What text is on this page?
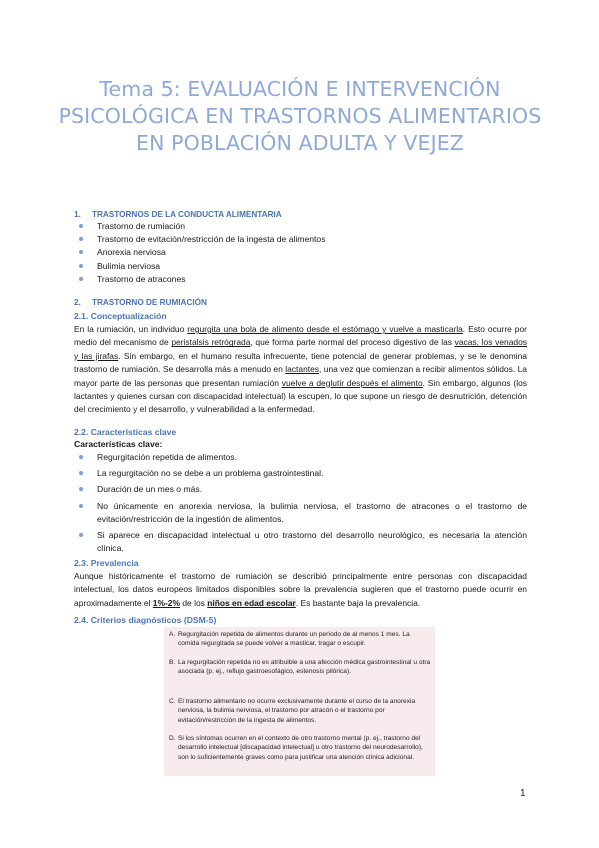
Tema 5: EVALUACIÓN E INTERVENCIÓN PSICOLÓGICA EN TRASTORNOS ALIMENTARIOS EN POBLACIÓN ADULTA Y VEJEZ
1. TRASTORNOS DE LA CONDUCTA ALIMENTARIA
Trastorno de rumiación
Trastorno de evitación/restricción de la ingesta de alimentos
Anorexia nerviosa
Bulimia nerviosa
Trastorno de atracones
2. TRASTORNO DE RUMIACIÓN
2.1. Conceptualización

En la rumiación, un individuo regurgita una bola de alimento desde el estómago y vuelve a masticarla. Esto ocurre por medio del mecanismo de peristalsis retrógrada, que forma parte normal del proceso digestivo de las vacas, los venados y las jirafas. Sin embargo, en el humano resulta infrecuente, tiene potencial de generar problemas, y se le denomina trastorno de rumiación. Se desarrolla más a menudo en lactantes, una vez que comienzan a recibir alimentos sólidos. La mayor parte de las personas que presentan rumiación vuelve a deglutir después el alimento. Sin embargo, algunos (los lactantes y quienes cursan con discapacidad intelectual) la escupen, lo que supone un riesgo de desnutrición, detención del crecimiento y el desarrollo, y vulnerabilidad a la enfermedad.

2.2. Características clave
Características clave:
Regurgitación repetida de alimentos.
La regurgitación no se debe a un problema gastrointestinal.
Duración de un mes o más.
No únicamente en anorexia nerviosa, la bulimia nerviosa, el trastorno de atracones o el trastorno de evitación/restricción de la ingestión de alimentos.
Si aparece en discapacidad intelectual u otro trastorno del desarrollo neurológico, es necesaria la atención clínica.
2.3. Prevalencia

Aunque históricamente el trastorno de rumiación se describió principalmente entre personas con discapacidad intelectual, los datos europeos limitados disponibles sobre la prevalencia sugieren que el trastorno puede ocurrir en aproximadamente el 1%-2% de los niños en edad escolar. Es bastante baja la prevalencia.

2.4. Criterios diagnósticos (DSM-5)
A. Regurgitación repetida de alimentos durante un período de al menos 1 mes. La comida regurgitada se puede volver a masticar, tragar o escupir.
B. La regurgitación repetida no es atribuible a una afección médica gastrointestinal u otra asociada (p. ej., reflujo gastroesofágico, estenosis pilórica).
C. El trastorno alimentario no ocurre exclusivamente durante el curso de la anorexia nerviosa, la bulimia nerviosa, el trastorno por atracón o el trastorno por evitación/restricción de la ingesta de alimentos.
D. Si los síntomas ocurren en el contexto de otro trastorno mental (p. ej., trastorno del desarrollo intelectual [discapacidad intelectual] u otro trastorno del neurodesarrollo), son lo suficientemente graves como para justificar una atención clínica adicional.
1
